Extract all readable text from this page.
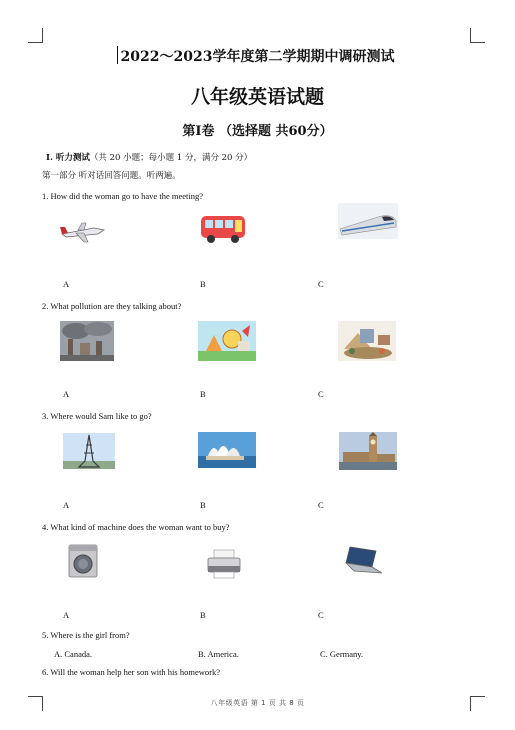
2022～2023学年度第二学期期中调研测试
八年级英语试题
第Ⅰ卷 （选择题 共60分）
Ⅰ. 听力测试（共 20 小题；每小题 1 分，满分 20 分）
第一部分 听对话回答问题。听两遍。
1. How did the woman go to have the meeting?
A	B	C
2. What pollution are they talking about?
A	B	C
3. Where would Sam like to go?
A	B	C
4. What kind of machine does the woman want to buy?
A	B	C
5. Where is the girl from?
A. Canada.	B. America.	C. Germany.
6. Will the woman help her son with his homework?
八年级英语 第 1 页 共 8 页
